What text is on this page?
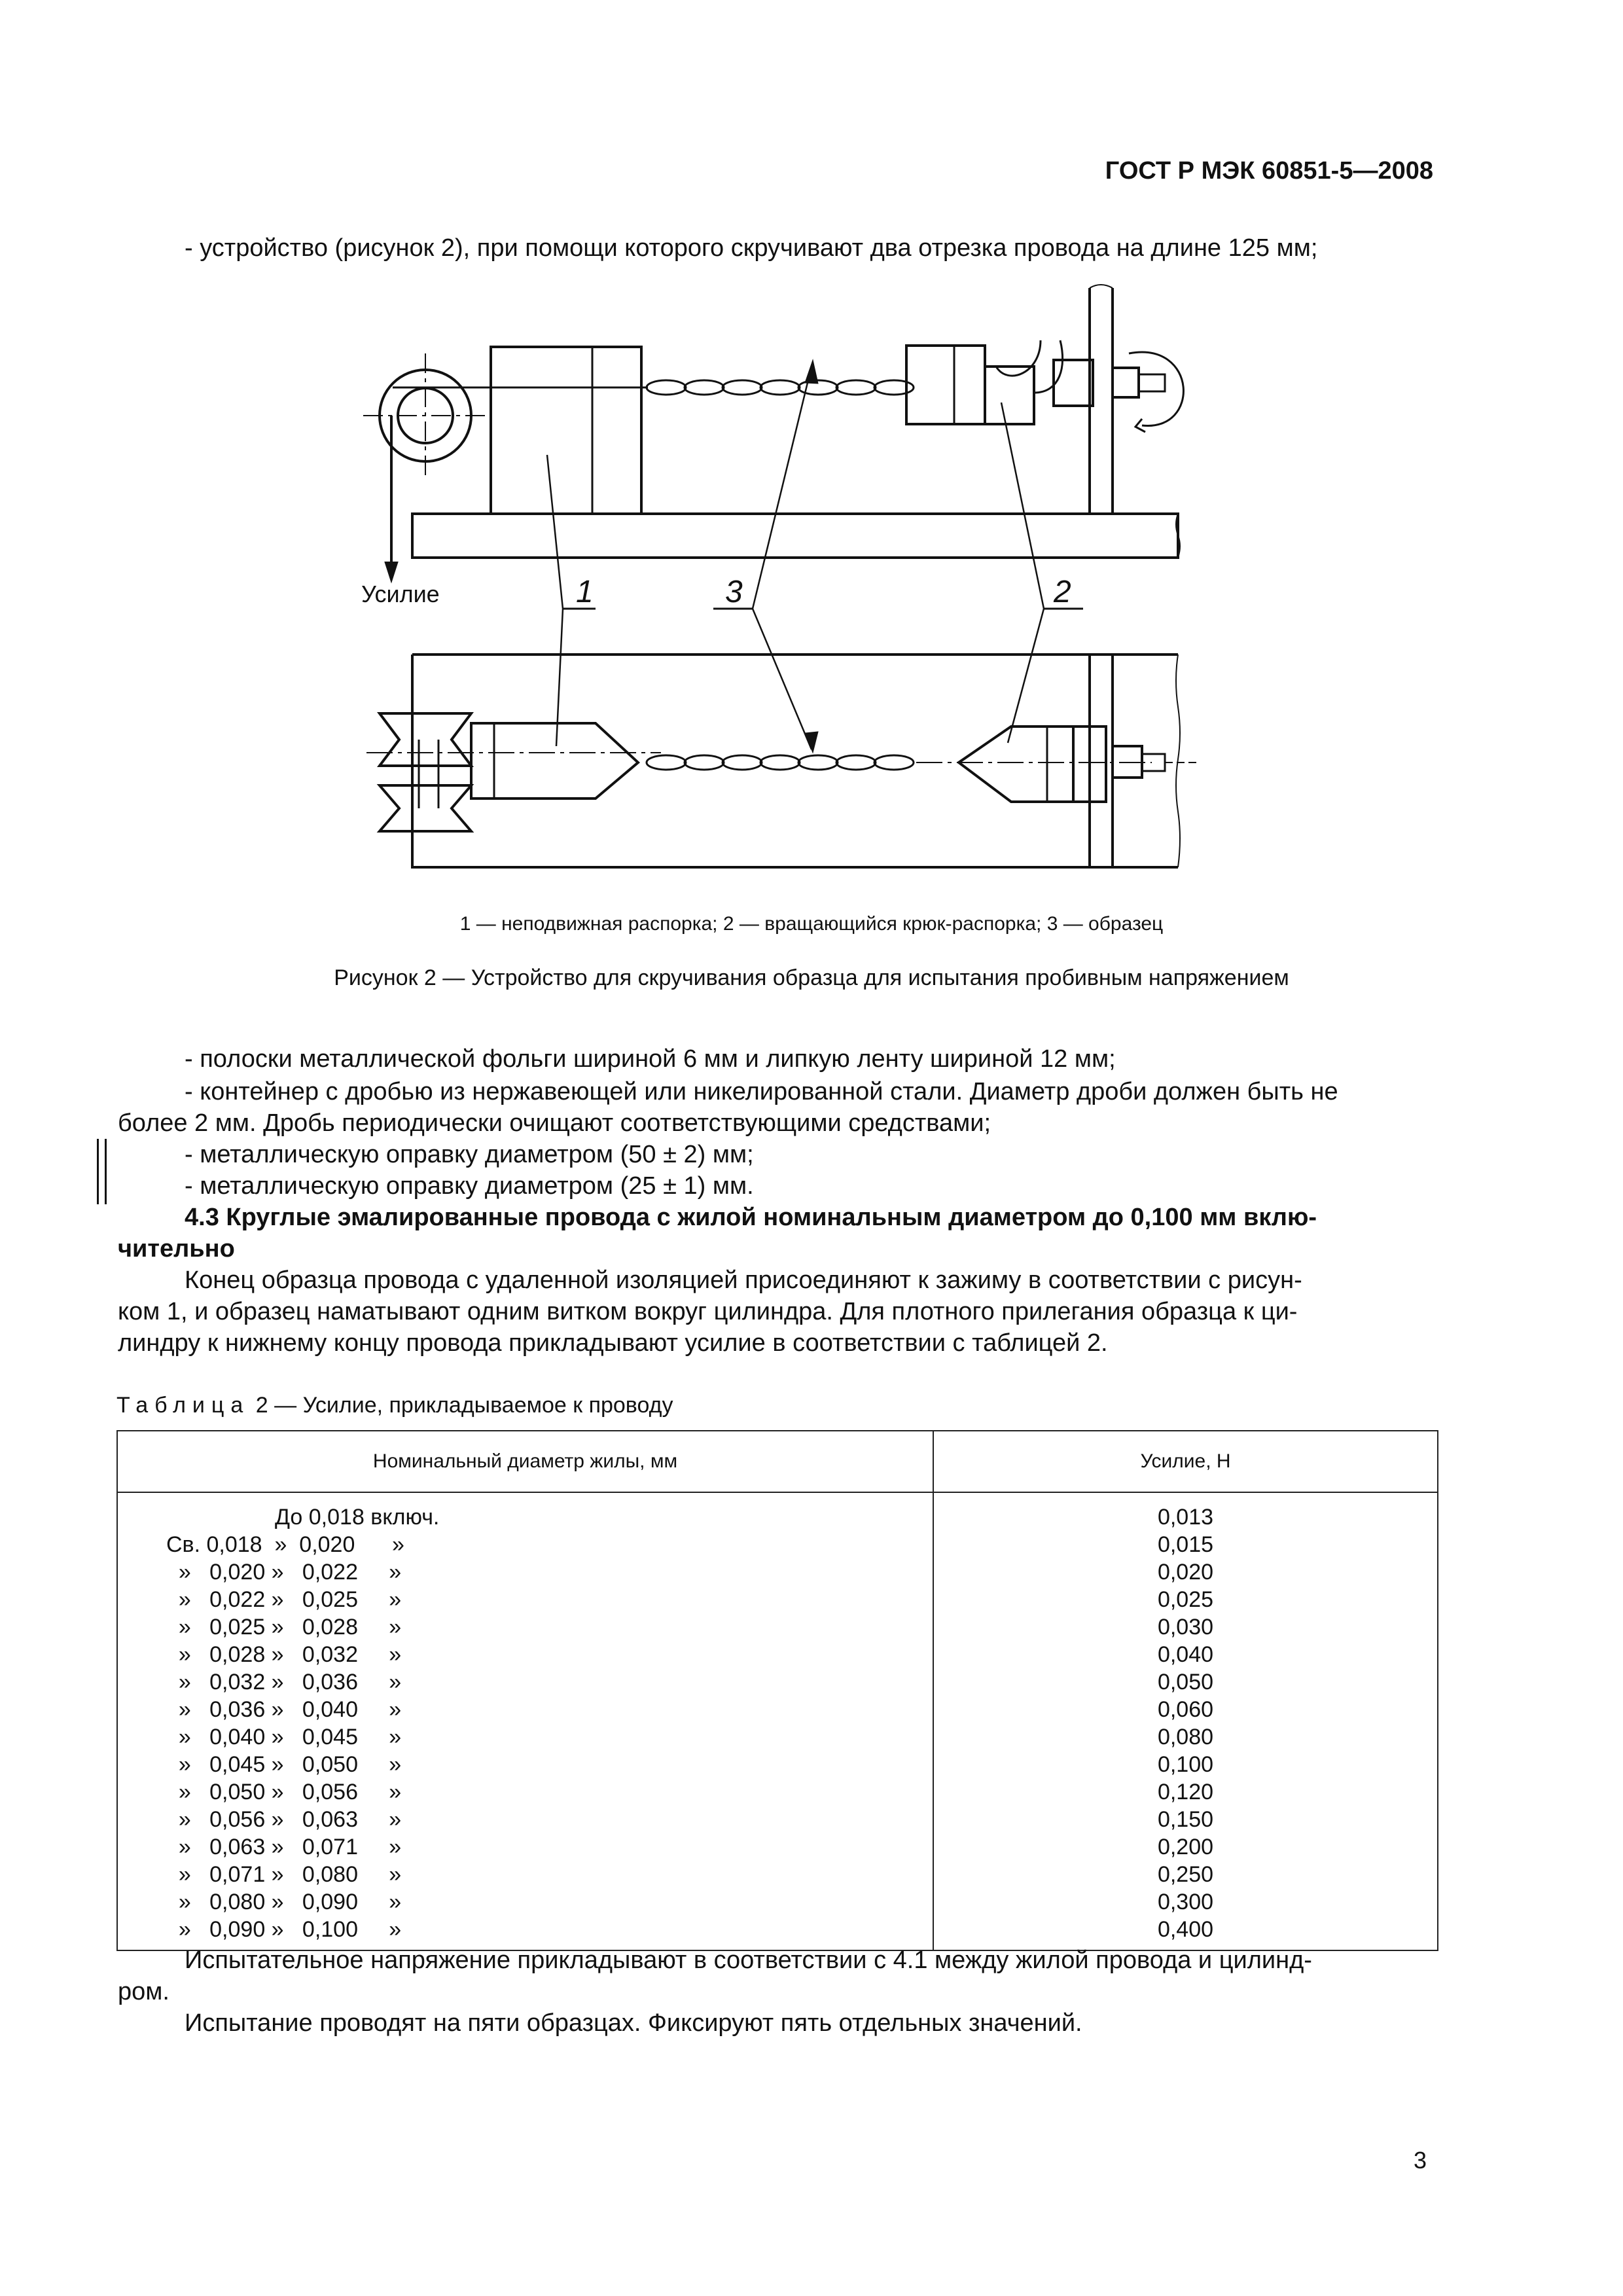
ГОСТ Р МЭК 60851-5—2008
- устройство (рисунок 2), при помощи которого скручивают два отрезка провода на длине 125 мм;
Усилие	1	3	2
1 — неподвижная распорка; 2 — вращающийся крюк-распорка; 3 — образец
Рисунок 2 — Устройство для скручивания образца для испытания пробивным напряжением
- полоски металлической фольги шириной 6 мм и липкую ленту шириной 12 мм;
- контейнер с дробью из нержавеющей или никелированной стали. Диаметр дроби должен быть не
более 2 мм. Дробь периодически очищают соответствующими средствами;
- металлическую оправку диаметром (50 ± 2) мм;
- металлическую оправку диаметром (25 ± 1) мм.
4.3 Круглые эмалированные провода с жилой номинальным диаметром до 0,100 мм вклю-
чительно
Конец образца провода с удаленной изоляцией присоединяют к зажиму в соответствии с рисун-
ком 1, и образец наматывают одним витком вокруг цилиндра. Для плотного прилегания образца к ци-
линдру к нижнему концу провода прикладывают усилие в соответствии с таблицей 2.
Таблица 2 — Усилие, прикладываемое к проводу
Номинальный диаметр жилы, мм	Усилие, Н
До 0,018 включ.	0,013
Св. 0,018  »  0,020      »	0,015
»   0,020 »   0,022     »	0,020
»   0,022 »   0,025     »	0,025
»   0,025 »   0,028     »	0,030
»   0,028 »   0,032     »	0,040
»   0,032 »   0,036     »	0,050
»   0,036 »   0,040     »	0,060
»   0,040 »   0,045     »	0,080
»   0,045 »   0,050     »	0,100
»   0,050 »   0,056     »	0,120
»   0,056 »   0,063     »	0,150
»   0,063 »   0,071     »	0,200
»   0,071 »   0,080     »	0,250
»   0,080 »   0,090     »	0,300
»   0,090 »   0,100     »	0,400
Испытательное напряжение прикладывают в соответствии с 4.1 между жилой провода и цилинд-
ром.
Испытание проводят на пяти образцах. Фиксируют пять отдельных значений.
3
